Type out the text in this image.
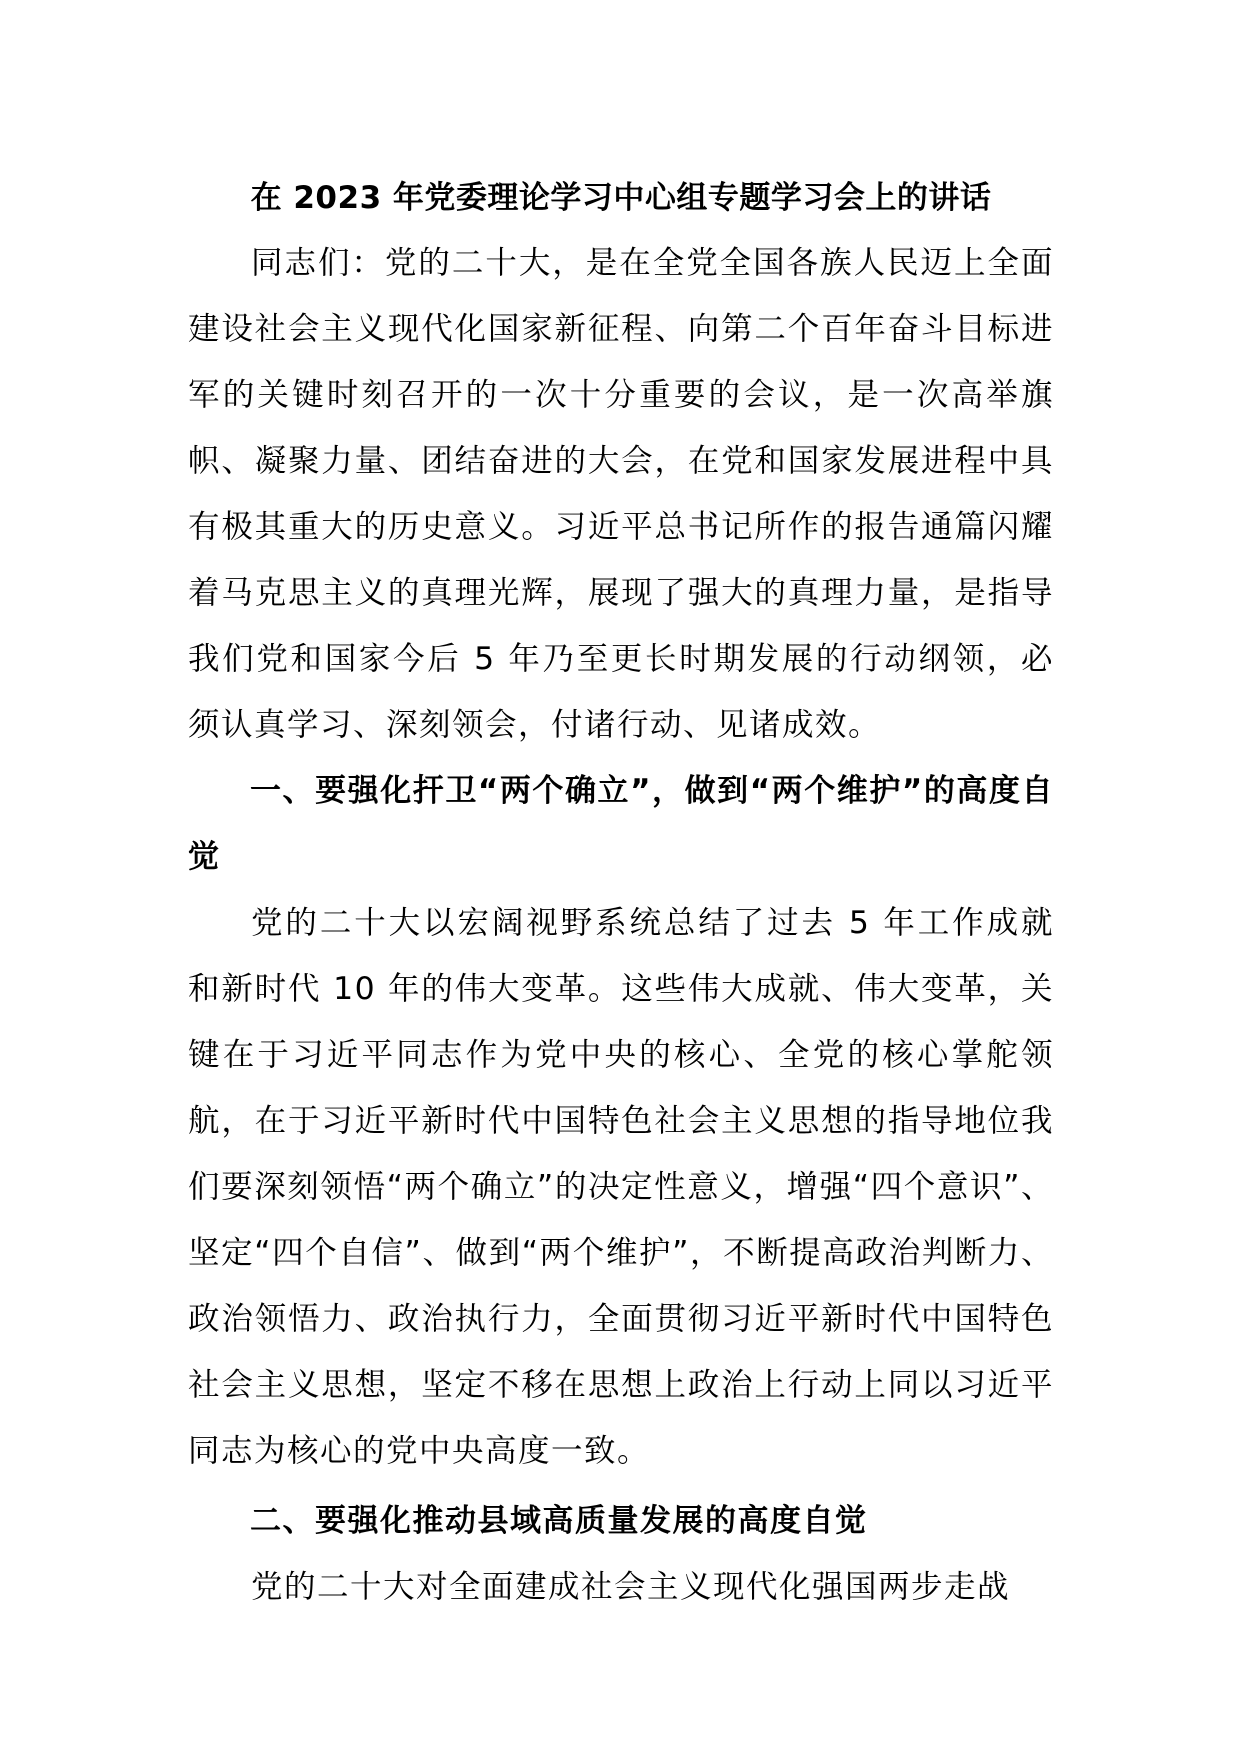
在 2023 年党委理论学习中心组专题学习会上的讲话

同志们：党的二十大，是在全党全国各族人民迈上全面建设社会主义现代化国家新征程、向第二个百年奋斗目标进军的关键时刻召开的一次十分重要的会议，是一次高举旗帜、凝聚力量、团结奋进的大会，在党和国家发展进程中具有极其重大的历史意义。习近平总书记所作的报告通篇闪耀着马克思主义的真理光辉，展现了强大的真理力量，是指导我们党和国家今后 5 年乃至更长时期发展的行动纲领，必须认真学习、深刻领会，付诸行动、见诸成效。

一、要强化扞卫“两个确立”，做到“两个维护”的高度自觉

党的二十大以宏阔视野系统总结了过去 5 年工作成就和新时代 10 年的伟大变革。这些伟大成就、伟大变革，关键在于习近平同志作为党中央的核心、全党的核心掌舵领航，在于习近平新时代中国特色社会主义思想的指导地位我们要深刻领悟“两个确立”的决定性意义，增强“四个意识”、坚定“四个自信”、做到“两个维护”，不断提高政治判断力、政治领悟力、政治执行力，全面贯彻习近平新时代中国特色社会主义思想，坚定不移在思想上政治上行动上同以习近平同志为核心的党中央高度一致。

二、要强化推动县域高质量发展的高度自觉

党的二十大对全面建成社会主义现代化强国两步走战
